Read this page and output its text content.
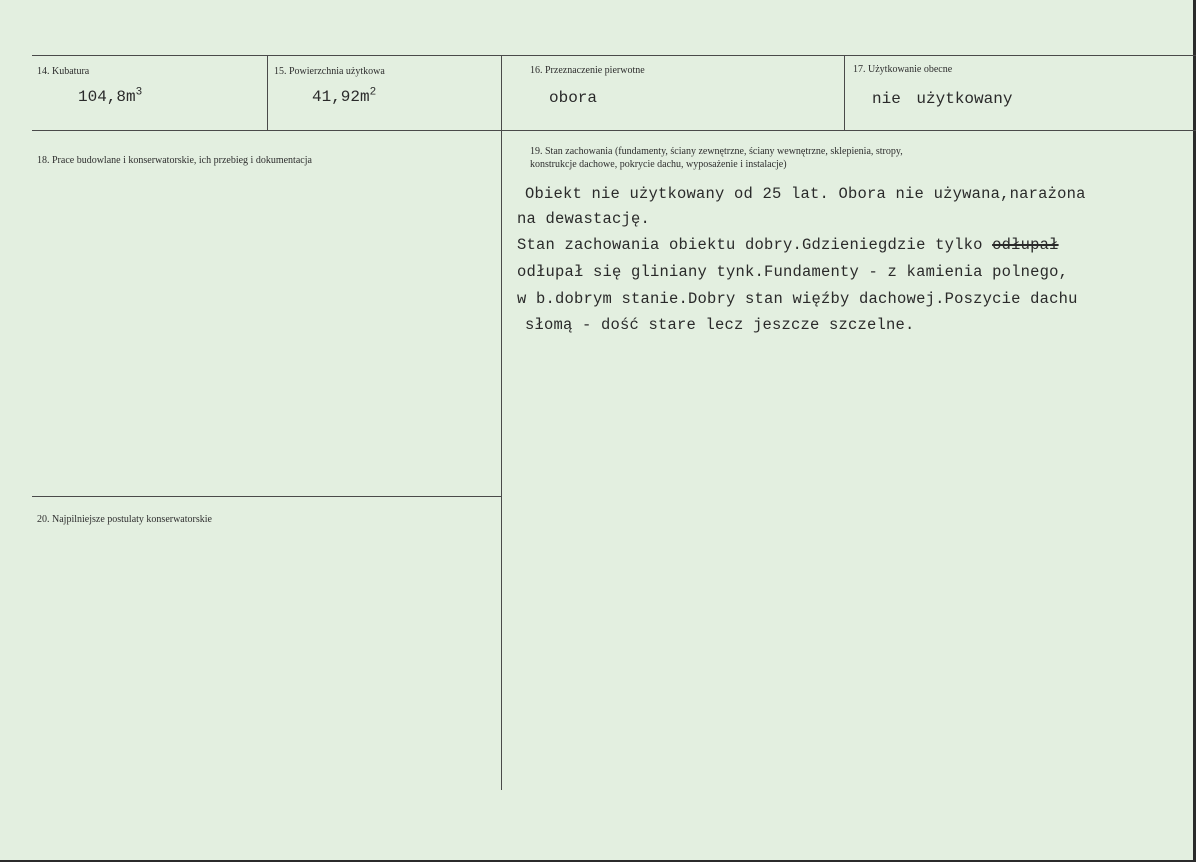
14. Kubatura
$104,8m^3$
15. Powierzchnia użytkowa
$41,92m^2$
16. Przeznaczenie pierwotne
obora
17. Użytkowanie obecne
nie użytkowany
18. Prace budowlane i konserwatorskie, ich przebieg i dokumentacja
19. Stan zachowania (fundamenty, ściany zewnętrzne, ściany wewnętrzne, sklepienia, stropy,
konstrukcje dachowe, pokrycie dachu, wyposażenie i instalacje)
Obiekt nie użytkowany od 25 lat. Obora nie używana,narażona
na dewastację.
Stan zachowania obiektu dobry.Gdzieniegdzie tylko odłupał
odłupał się gliniany tynk.Fundamenty - z kamienia polnego,
w b.dobrym stanie.Dobry stan więźby dachowej.Poszycie dachu
słomą - dość stare lecz jeszcze szczelne.
20. Najpilniejsze postulaty konserwatorskie
